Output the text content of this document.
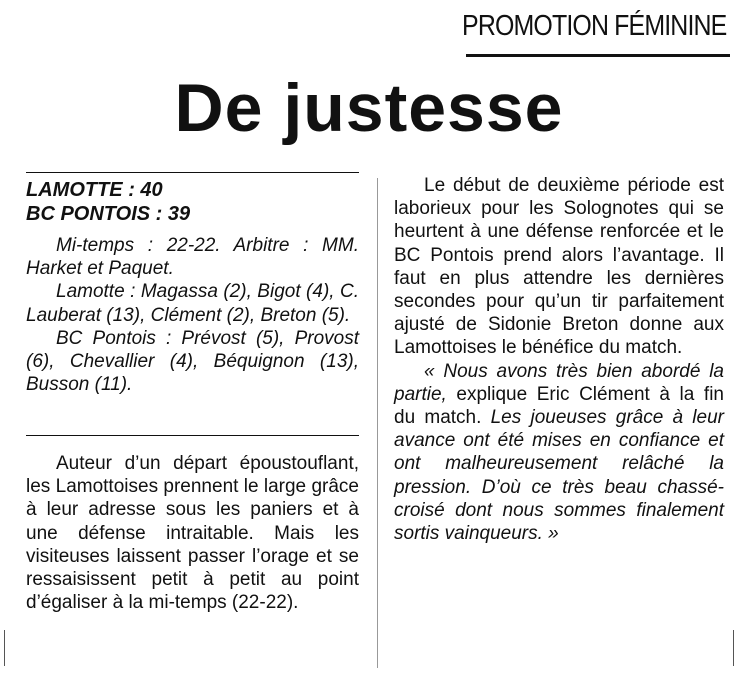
PROMOTION FÉMININE
De justesse
LAMOTTE : 40
BC PONTOIS : 39

Mi-temps : 22-22. Arbitre : MM. Harket et Paquet.

Lamotte : Magassa (2), Bigot (4), C. Lauberat (13), Clément (2), Breton (5).

BC Pontois : Prévost (5), Provost (6), Chevallier (4), Béquignon (13), Busson (11).

Auteur d’un départ époustouflant, les Lamottoises prennent le large grâce à leur adresse sous les paniers et à une défense intraitable. Mais les visiteuses laissent passer l’orage et se ressaisissent petit à petit au point d’égaliser à la mi-temps (22-22).

Le début de deuxième période est laborieux pour les Solognotes qui se heurtent à une défense renforcée et le BC Pontois prend alors l’avantage. Il faut en plus attendre les dernières secondes pour qu’un tir parfaitement ajusté de Sidonie Breton donne aux Lamottoises le bénéfice du match.

« Nous avons très bien abordé la partie, explique Eric Clément à la fin du match. Les joueuses grâce à leur avance ont été mises en confiance et ont malheureusement relâché la pression. D’où ce très beau chassé-croisé dont nous sommes finalement sortis vainqueurs. »
